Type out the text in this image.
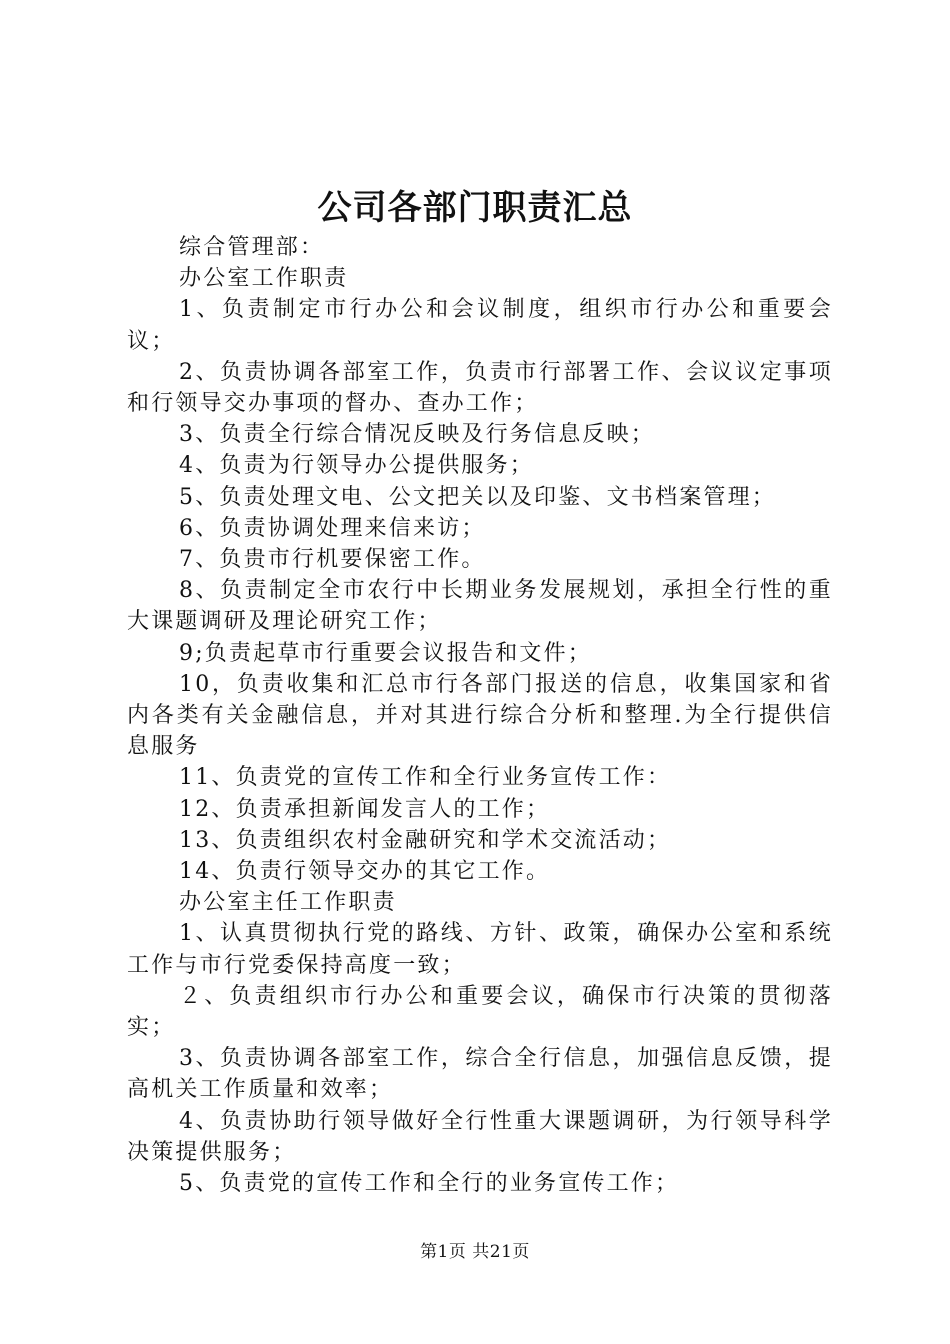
公司各部门职责汇总

综合管理部：

办公室工作职责

1、负责制定市行办公和会议制度，组织市行办公和重要会议；

2、负责协调各部室工作，负责市行部署工作、会议议定事项和行领导交办事项的督办、查办工作；

3、负责全行综合情况反映及行务信息反映；

4、负责为行领导办公提供服务；

5、负责处理文电、公文把关以及印鉴、文书档案管理；

6、负责协调处理来信来访；

7、负贵市行机要保密工作。

8、负责制定全市农行中长期业务发展规划，承担全行性的重大课题调研及理论研究工作；

9;负责起草市行重要会议报告和文件；

10，负责收集和汇总市行各部门报送的信息，收集国家和省内各类有关金融信息，并对其进行综合分析和整理.为全行提供信息服务

11、负责党的宣传工作和全行业务宣传工作：

12、负责承担新闻发言人的工作；

13、负责组织农村金融研究和学术交流活动；

14、负责行领导交办的其它工作。

办公室主任工作职责

1、认真贯彻执行党的路线、方针、政策，确保办公室和系统工作与市行党委保持高度一致；

２、负责组织市行办公和重要会议，确保市行决策的贯彻落实；

3、负责协调各部室工作，综合全行信息，加强信息反馈，提高机关工作质量和效率；

4、负责协助行领导做好全行性重大课题调研，为行领导科学决策提供服务；

5、负责党的宣传工作和全行的业务宣传工作；

第1页 共21页
